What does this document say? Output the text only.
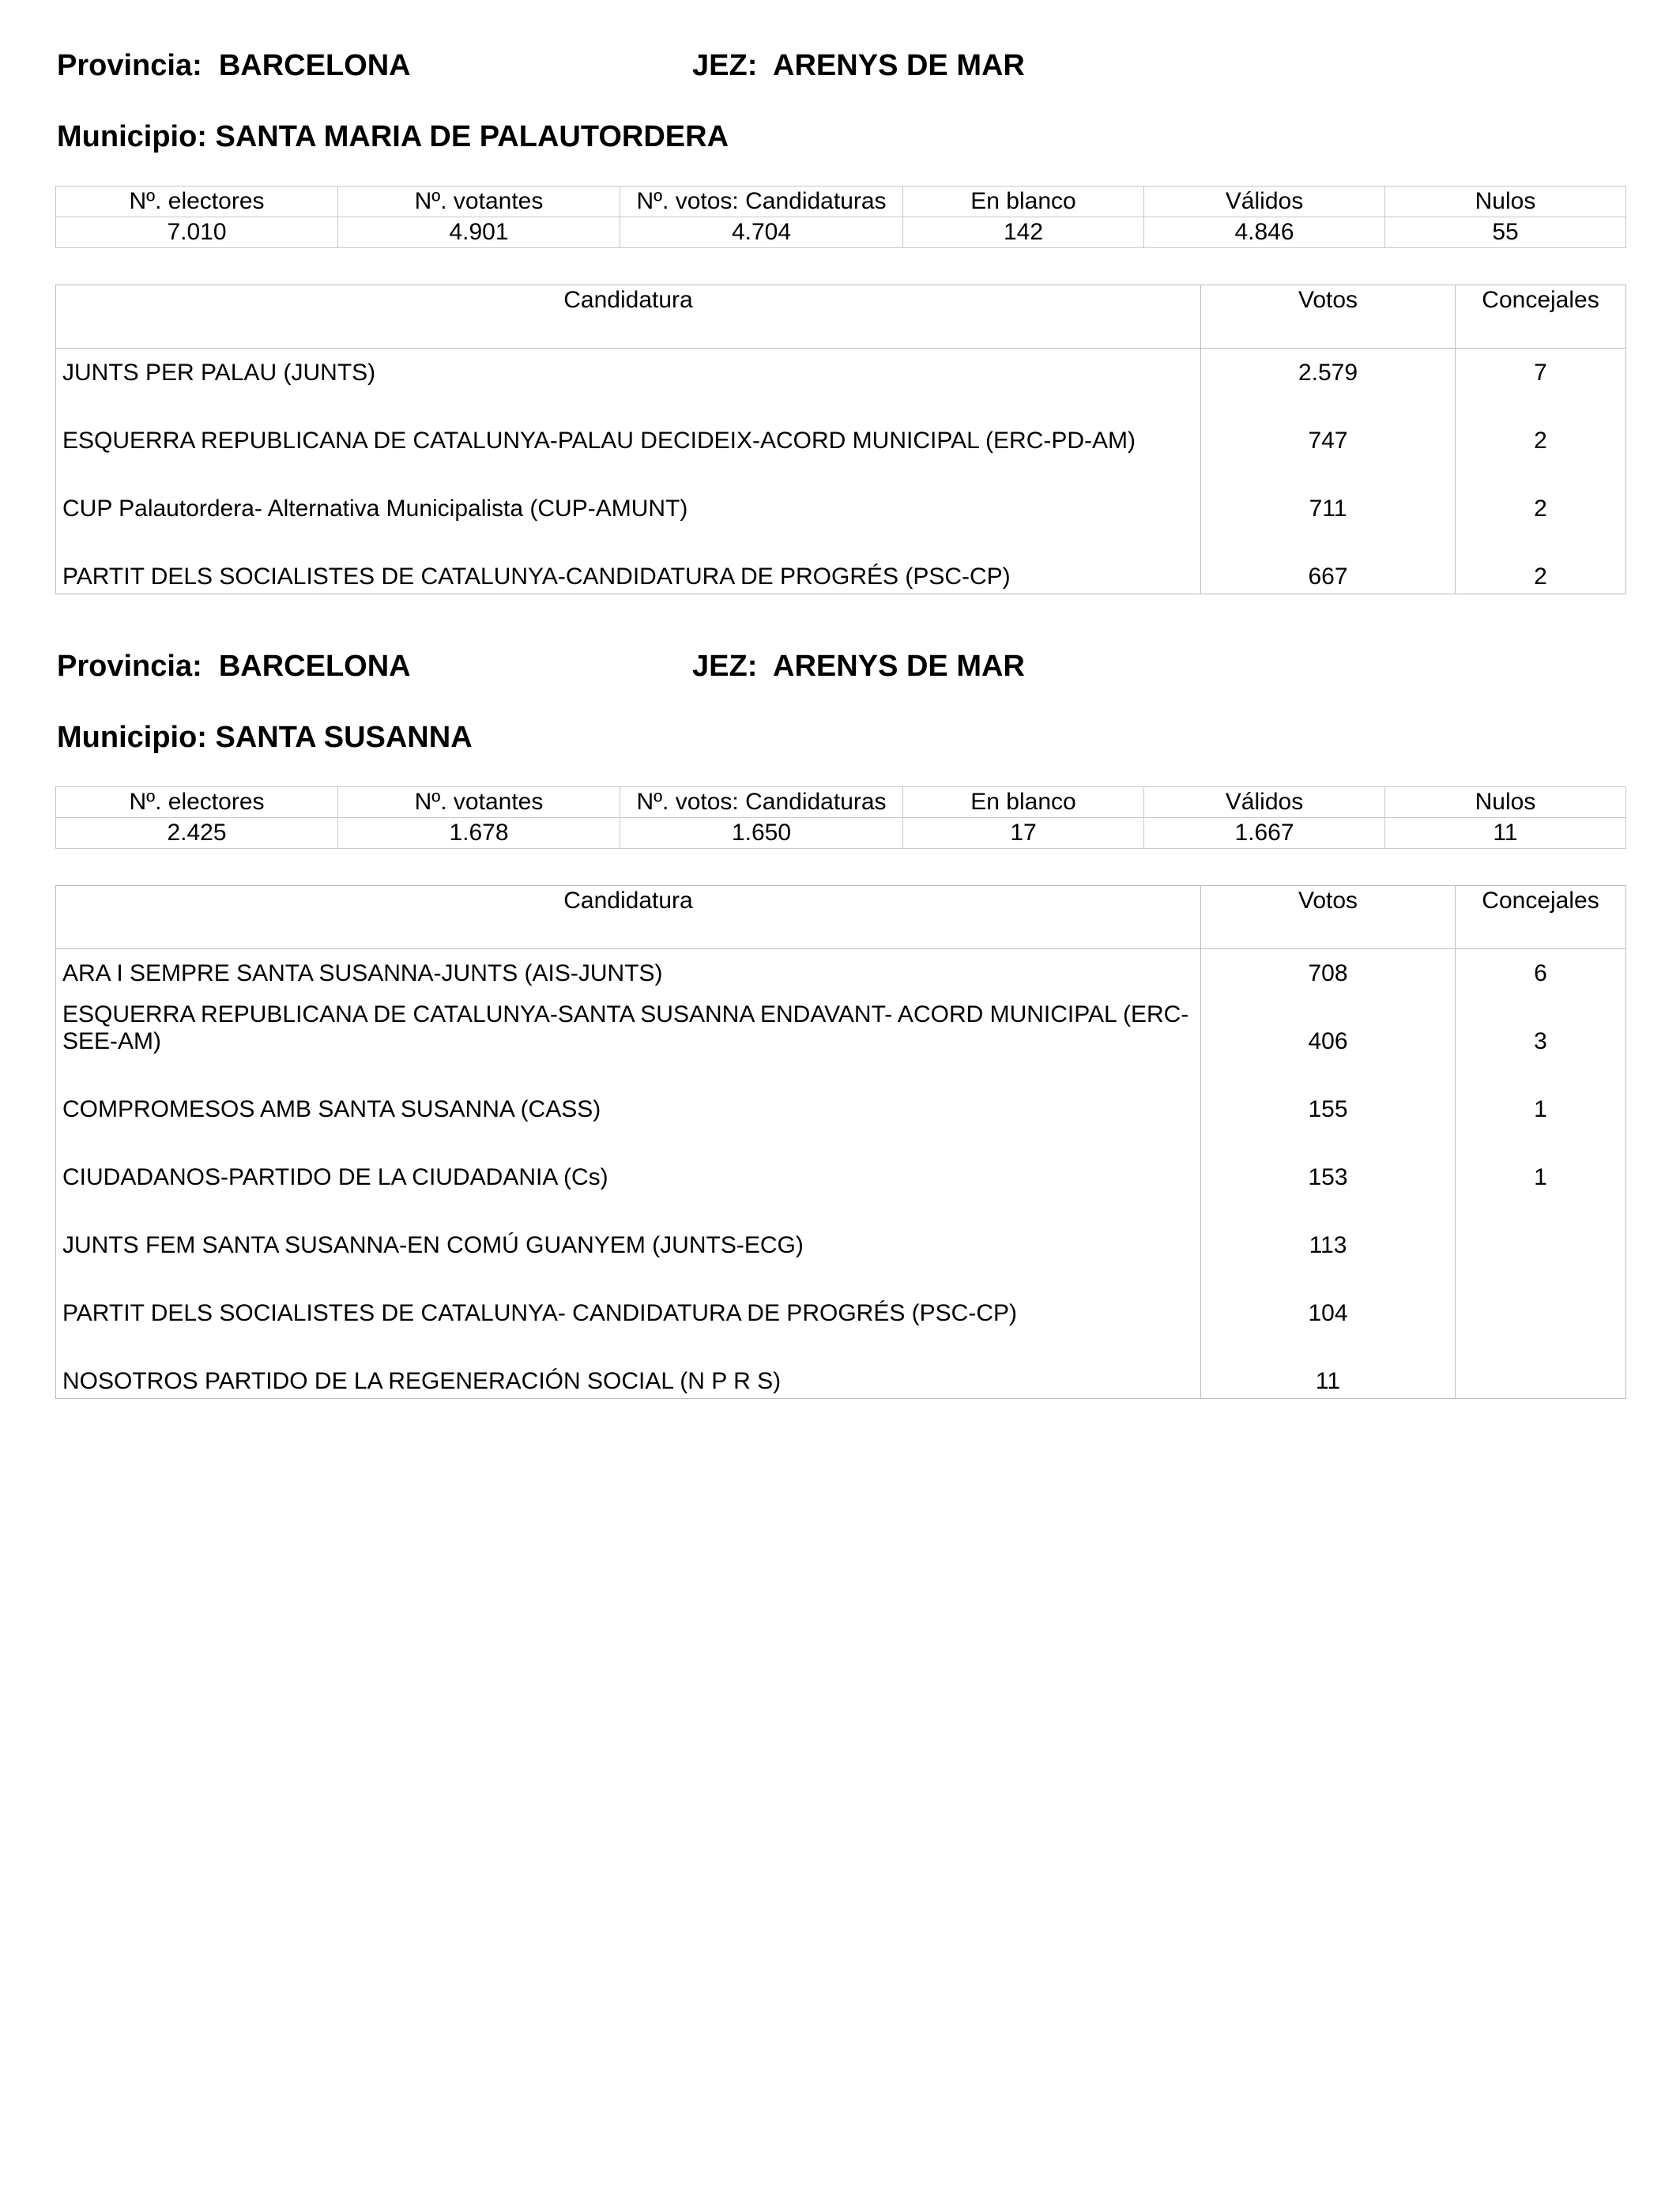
Provincia:  BARCELONA	JEZ:  ARENYS DE MAR
Municipio: SANTA MARIA DE PALAUTORDERA
Nº. electores	Nº. votantes	Nº. votos: Candidaturas	En blanco	Válidos	Nulos
7.010	4.901	4.704	142	4.846	55
Candidatura	Votos	Concejales
JUNTS PER PALAU (JUNTS)	2.579	7
ESQUERRA REPUBLICANA DE CATALUNYA-PALAU DECIDEIX-ACORD MUNICIPAL (ERC-PD-AM)	747	2
CUP Palautordera- Alternativa Municipalista (CUP-AMUNT)	711	2
PARTIT DELS SOCIALISTES DE CATALUNYA-CANDIDATURA DE PROGRÉS (PSC-CP)	667	2
Provincia:  BARCELONA	JEZ:  ARENYS DE MAR
Municipio: SANTA SUSANNA
Nº. electores	Nº. votantes	Nº. votos: Candidaturas	En blanco	Válidos	Nulos
2.425	1.678	1.650	17	1.667	11
Candidatura	Votos	Concejales
ARA I SEMPRE SANTA SUSANNA-JUNTS (AIS-JUNTS)	708	6
ESQUERRA REPUBLICANA DE CATALUNYA-SANTA SUSANNA ENDAVANT- ACORD MUNICIPAL (ERC-SEE-AM)	406	3
COMPROMESOS AMB SANTA SUSANNA (CASS)	155	1
CIUDADANOS-PARTIDO DE LA CIUDADANIA (Cs)	153	1
JUNTS FEM SANTA SUSANNA-EN COMÚ GUANYEM (JUNTS-ECG)	113	
PARTIT DELS SOCIALISTES DE CATALUNYA- CANDIDATURA DE PROGRÉS (PSC-CP)	104	
NOSOTROS PARTIDO DE LA REGENERACIÓN SOCIAL (N P R S)	11	
